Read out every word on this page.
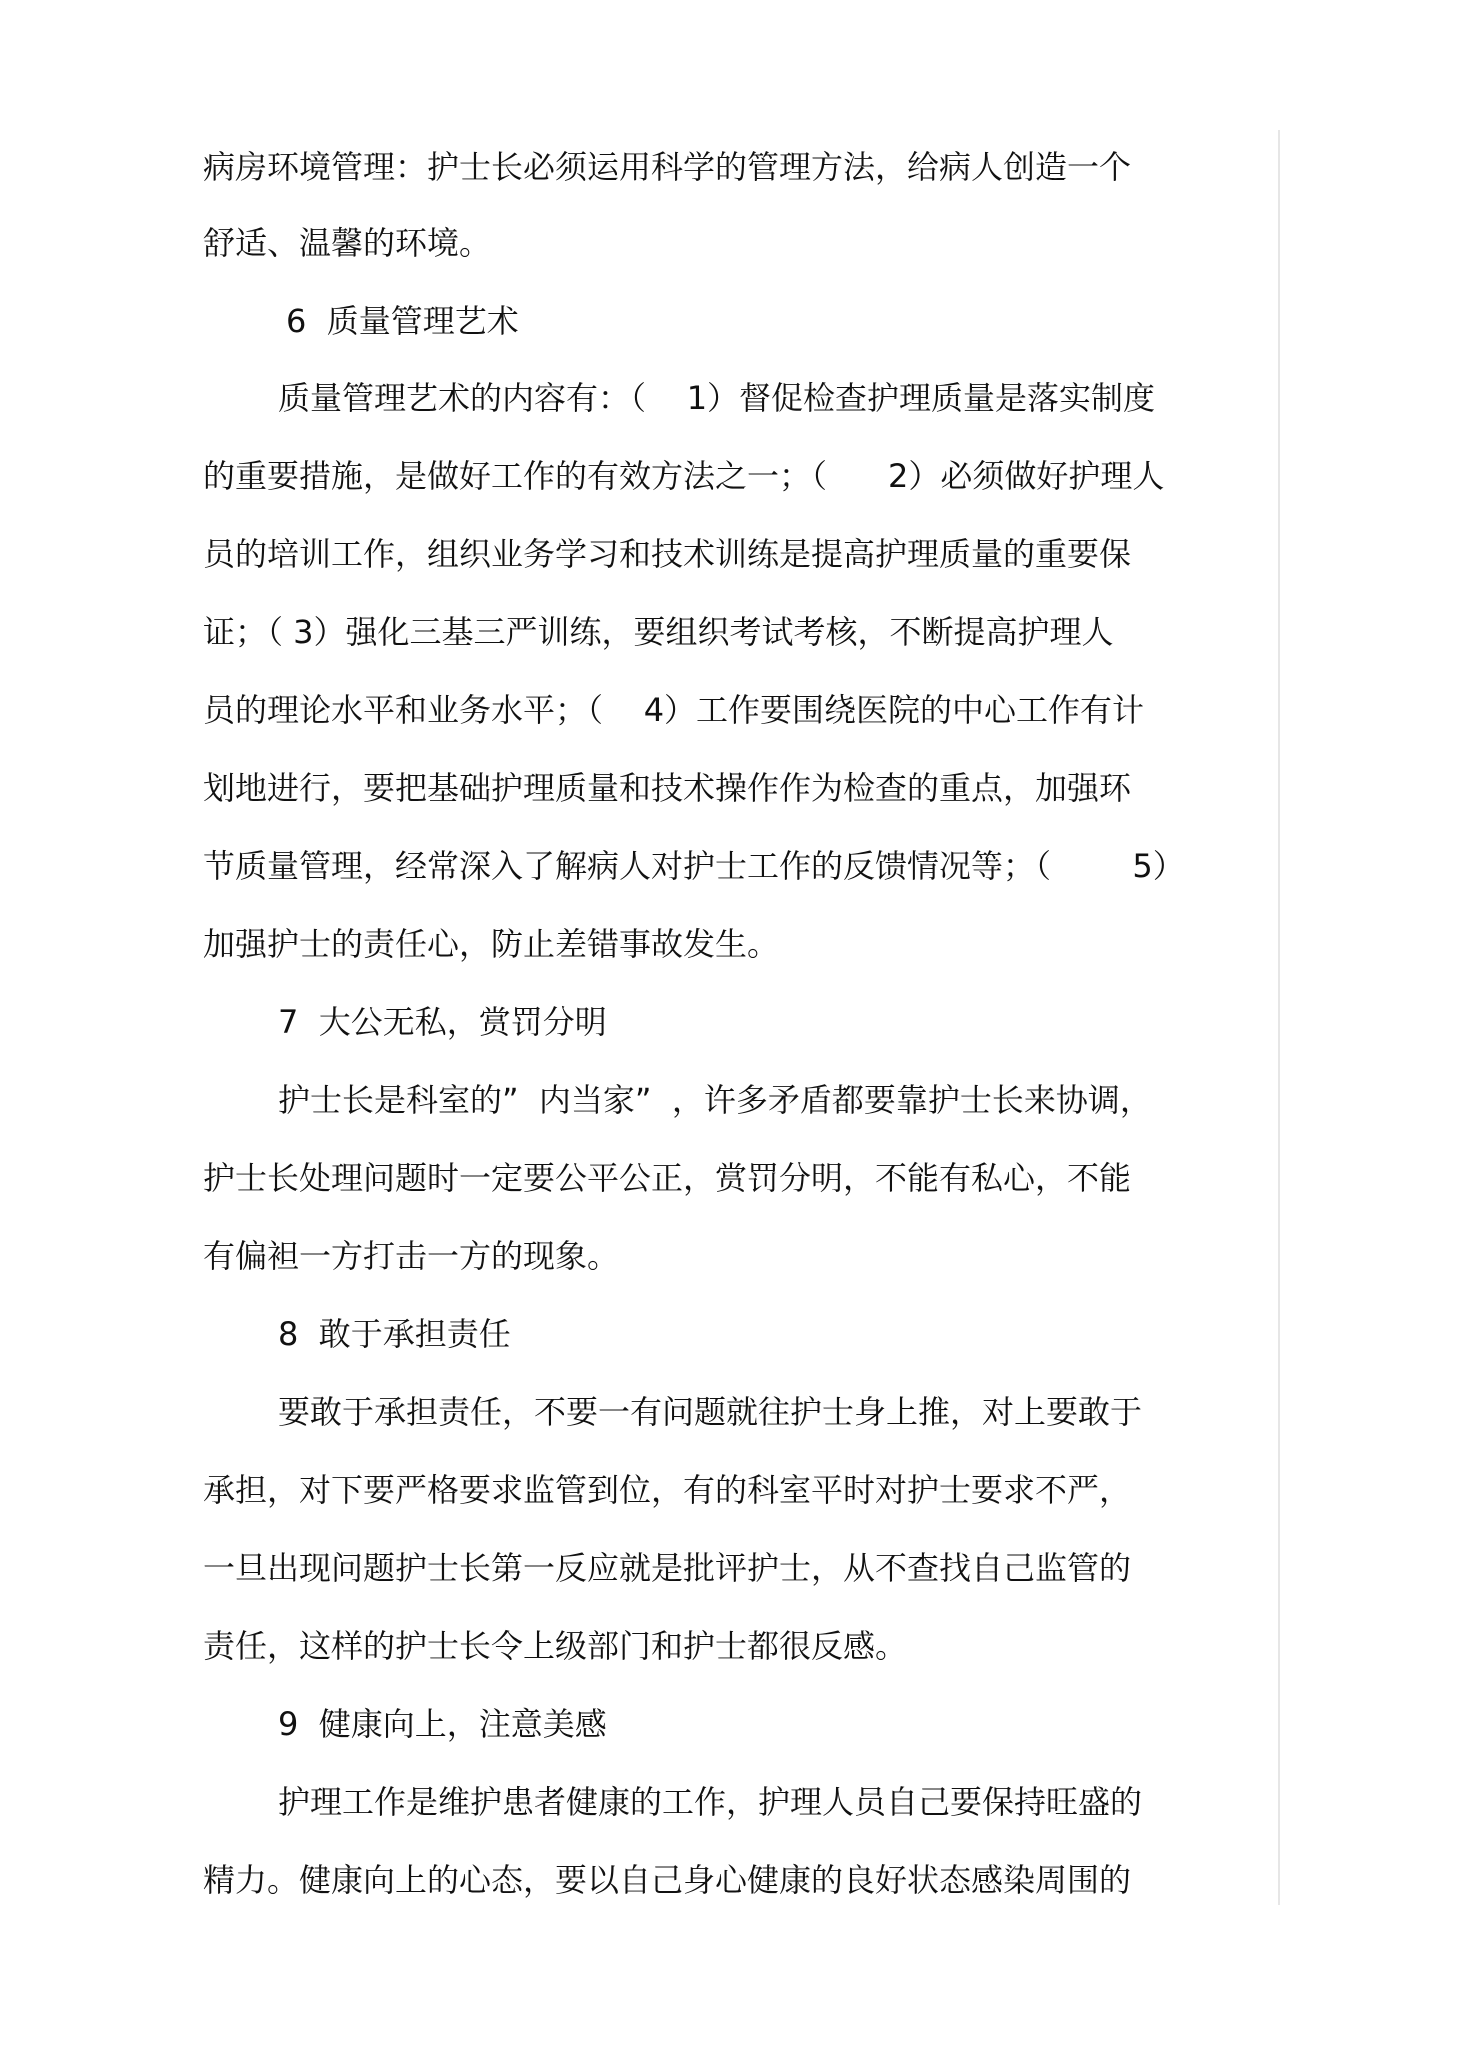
病房环境管理：护士长必须运用科学的管理方法，给病人创造一个
舒适、温馨的环境。
6  质量管理艺术
质量管理艺术的内容有：（    1）督促检查护理质量是落实制度
的重要措施，是做好工作的有效方法之一；（      2）必须做好护理人
员的培训工作，组织业务学习和技术训练是提高护理质量的重要保
证；（ 3）强化三基三严训练，要组织考试考核，不断提高护理人
员的理论水平和业务水平；（    4）工作要围绕医院的中心工作有计
划地进行，要把基础护理质量和技术操作作为检查的重点，加强环
节质量管理，经常深入了解病人对护士工作的反馈情况等；（        5）
加强护士的责任心，防止差错事故发生。
7  大公无私，赏罚分明
护士长是科室的”  内当家”  ，许多矛盾都要靠护士长来协调，
护士长处理问题时一定要公平公正，赏罚分明，不能有私心，不能
有偏袒一方打击一方的现象。
8  敢于承担责任
要敢于承担责任，不要一有问题就往护士身上推，对上要敢于
承担，对下要严格要求监管到位，有的科室平时对护士要求不严，
一旦出现问题护士长第一反应就是批评护士，从不查找自己监管的
责任，这样的护士长令上级部门和护士都很反感。
9  健康向上，注意美感
护理工作是维护患者健康的工作，护理人员自己要保持旺盛的
精力。健康向上的心态，要以自己身心健康的良好状态感染周围的
